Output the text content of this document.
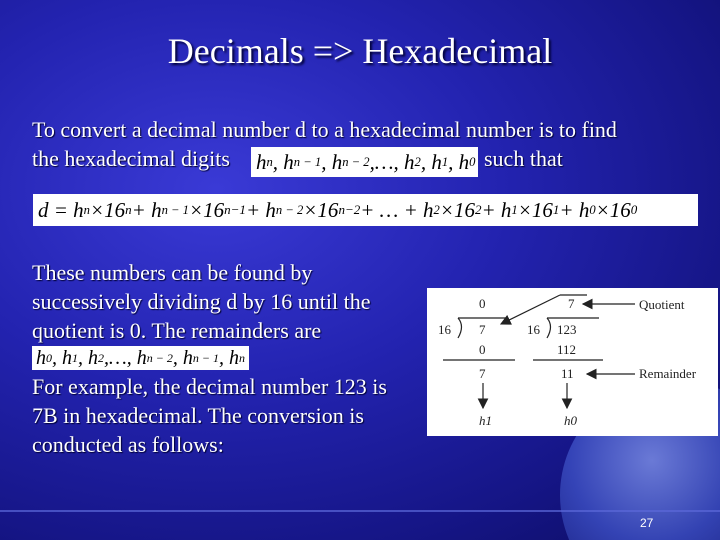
Decimals => Hexadecimal
To convert a decimal number d to a hexadecimal number is to find
the hexadecimal digits h n , h n − 1 , h n − 2 ,…, h 2 , h 1 , h 0 such that
d = h n ×16 n + h n − 1 ×16 n−1 + h n − 2 ×16 n−2 + … + h 2 ×16 2 + h 1 ×16 1 + h 0 ×16 0
These numbers can be found by
successively dividing d by 16 until the
quotient is 0. The remainders are
h 0 , h 1 , h 2 ,…, h n − 2 , h n − 1 , h n
For example, the decimal number 123 is
7B in hexadecimal. The conversion is
conducted as follows:
0
16 7
0
7
h1
7
16 123
112
11
h0
Quotient
Remainder
27
